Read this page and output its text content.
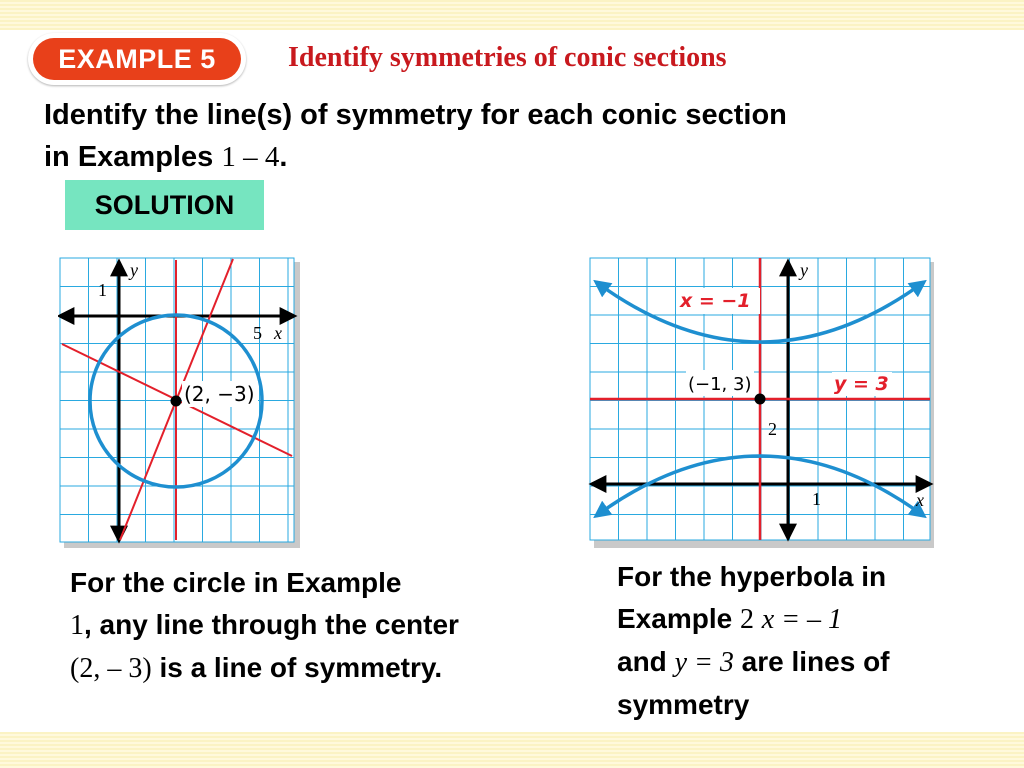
EXAMPLE 5	Identify symmetries of conic sections
Identify the line(s) of symmetry for each conic section
in Examples 1 – 4.
SOLUTION
(2, −3)
5 x
1
y
(−1, 3)
x = −1
y = 3
2
1	x
y
For the circle in Example
1, any line through the center (2, – 3) is a line of symmetry.
For the hyperbola in Example 2 x = – 1
and y = 3 are lines of symmetry
